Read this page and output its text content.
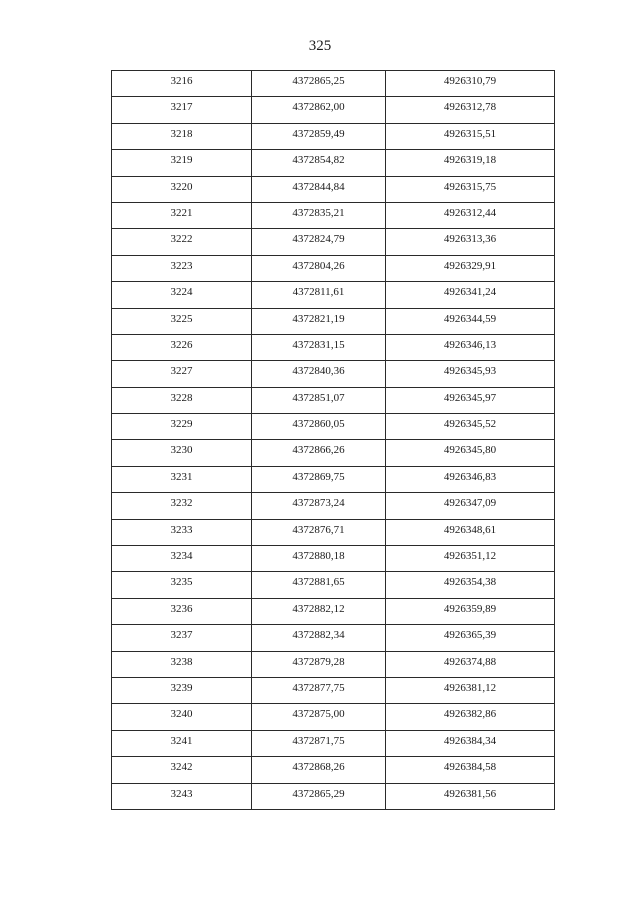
325
3216	4372865,25	4926310,79
3217	4372862,00	4926312,78
3218	4372859,49	4926315,51
3219	4372854,82	4926319,18
3220	4372844,84	4926315,75
3221	4372835,21	4926312,44
3222	4372824,79	4926313,36
3223	4372804,26	4926329,91
3224	4372811,61	4926341,24
3225	4372821,19	4926344,59
3226	4372831,15	4926346,13
3227	4372840,36	4926345,93
3228	4372851,07	4926345,97
3229	4372860,05	4926345,52
3230	4372866,26	4926345,80
3231	4372869,75	4926346,83
3232	4372873,24	4926347,09
3233	4372876,71	4926348,61
3234	4372880,18	4926351,12
3235	4372881,65	4926354,38
3236	4372882,12	4926359,89
3237	4372882,34	4926365,39
3238	4372879,28	4926374,88
3239	4372877,75	4926381,12
3240	4372875,00	4926382,86
3241	4372871,75	4926384,34
3242	4372868,26	4926384,58
3243	4372865,29	4926381,56
